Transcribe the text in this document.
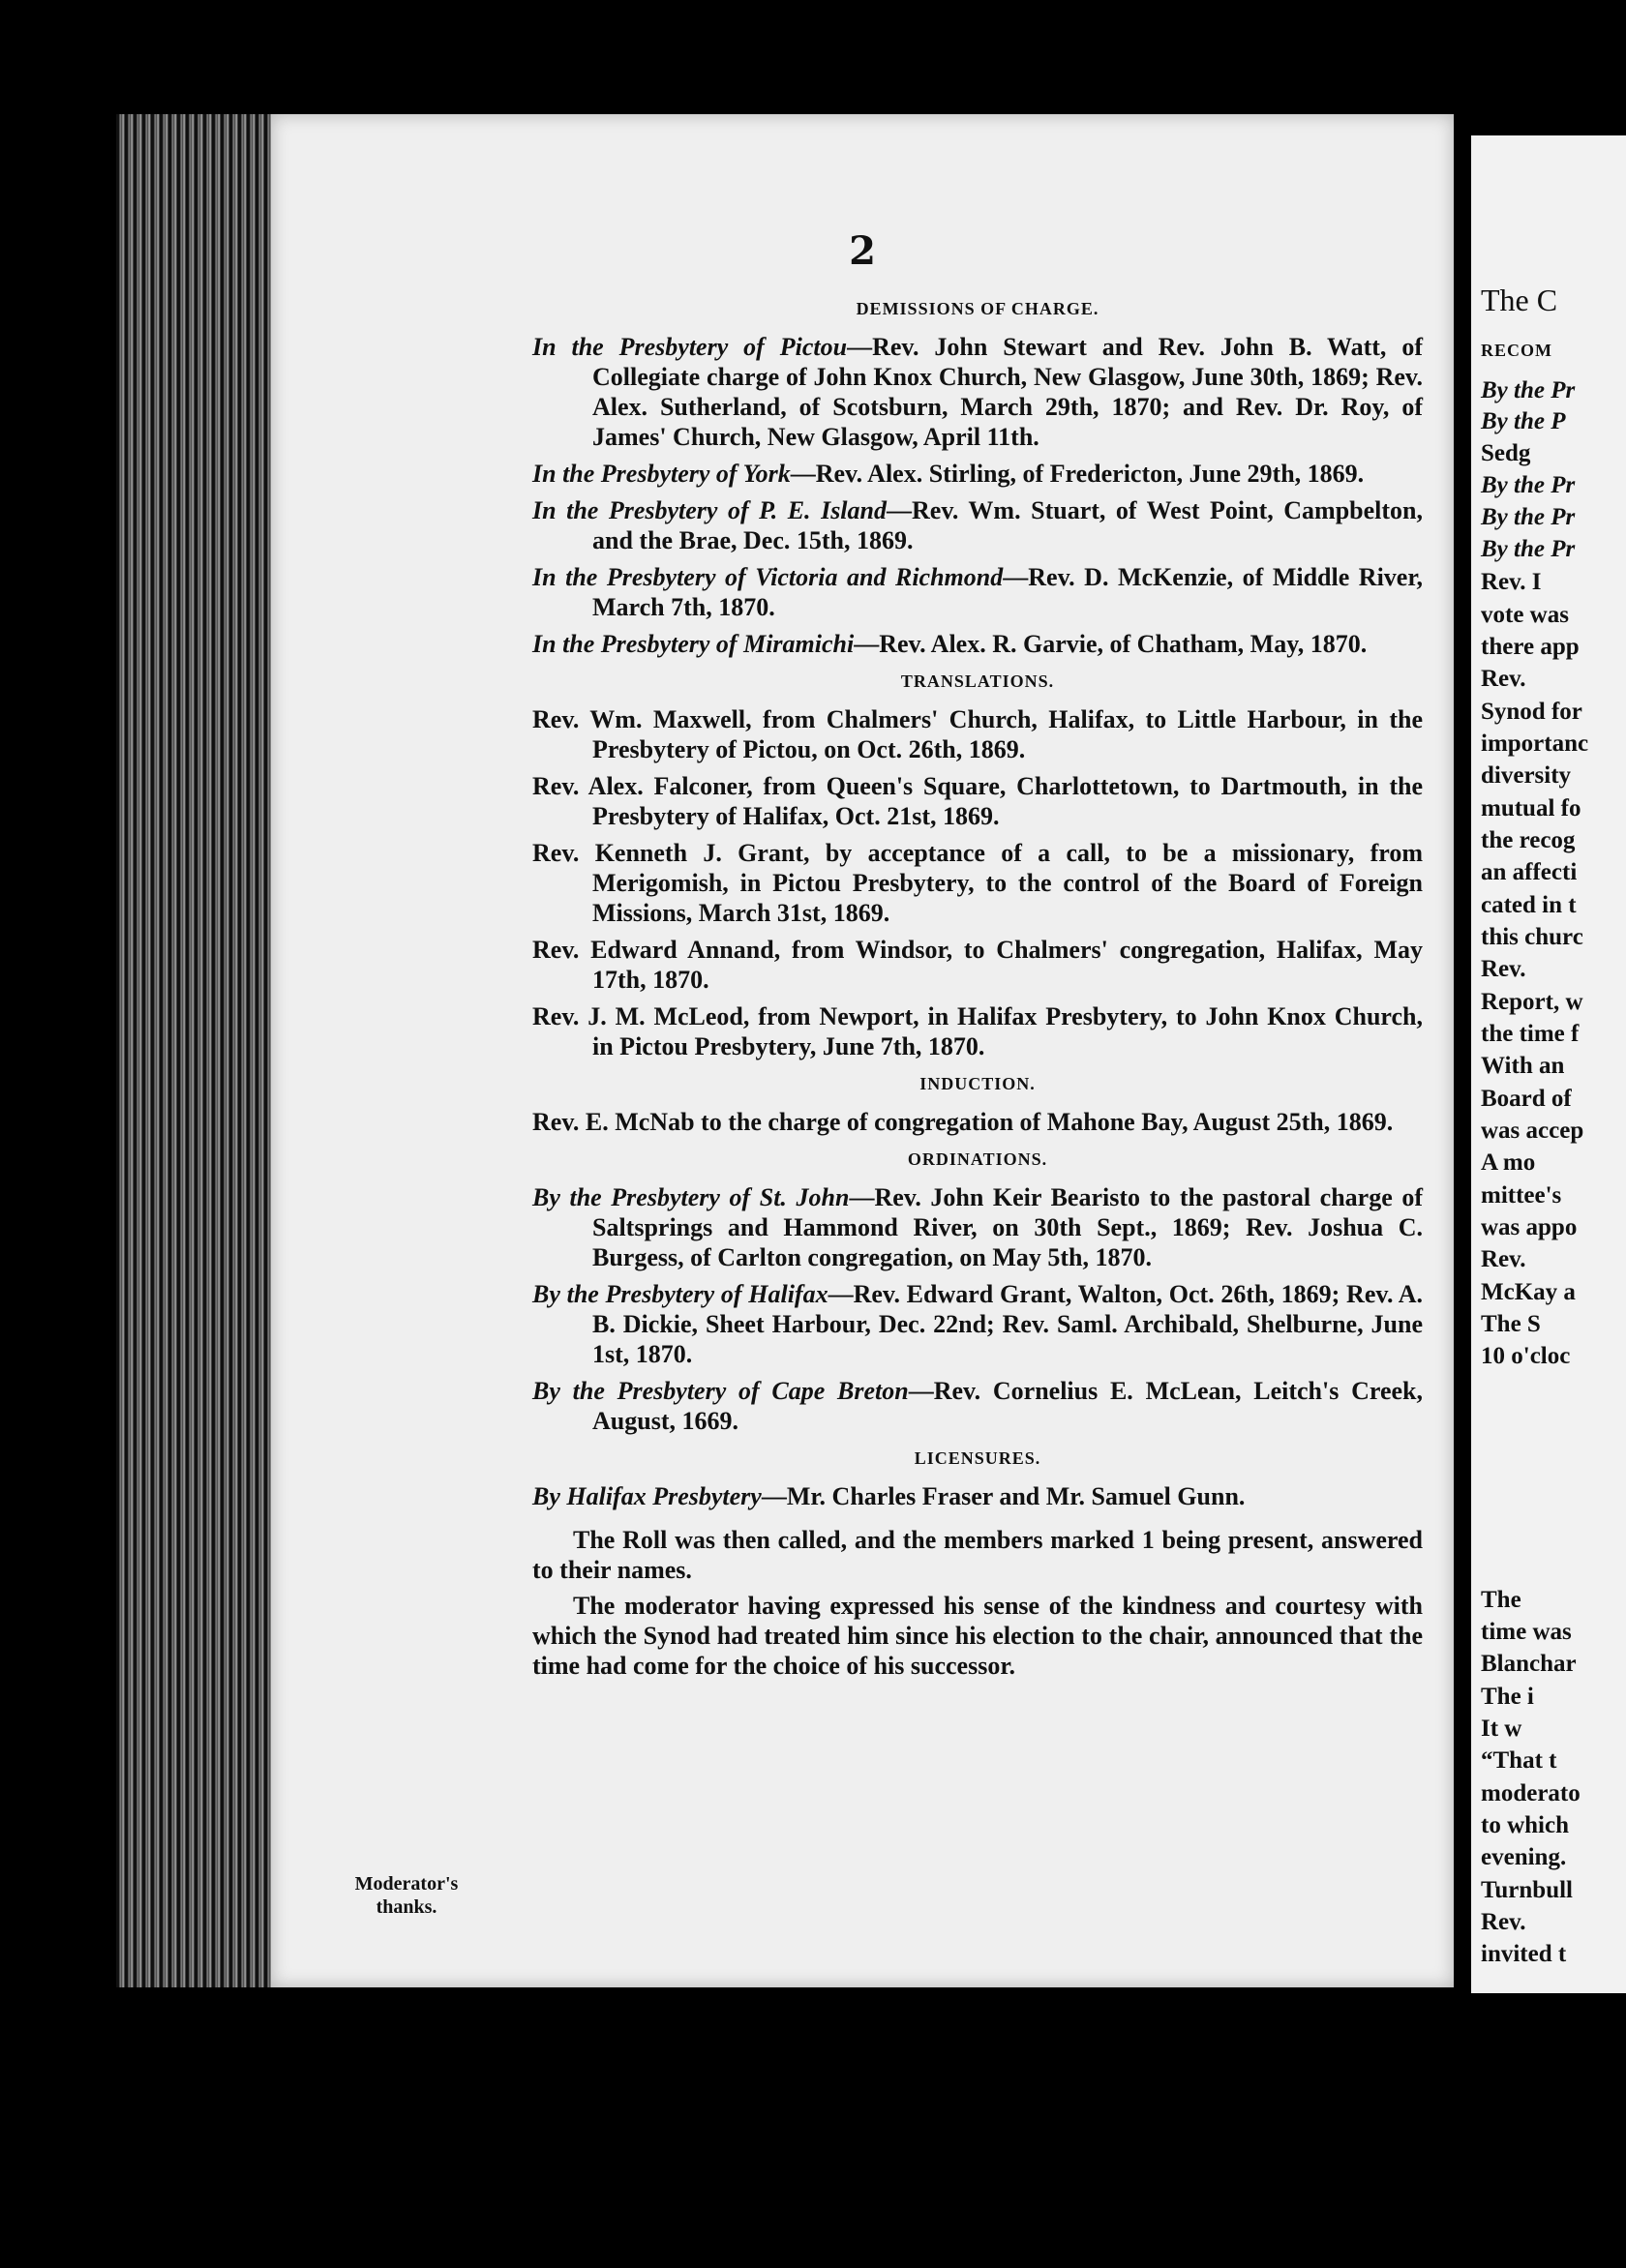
2
DEMISSIONS OF CHARGE.
In the Presbytery of Pictou—Rev. John Stewart and Rev. John B. Watt, of Collegiate charge of John Knox Church, New Glasgow, June 30th, 1869; Rev. Alex. Sutherland, of Scotsburn, March 29th, 1870; and Rev. Dr. Roy, of James' Church, New Glasgow, April 11th.
In the Presbytery of York—Rev. Alex. Stirling, of Fredericton, June 29th, 1869.
In the Presbytery of P. E. Island—Rev. Wm. Stuart, of West Point, Campbelton, and the Brae, Dec. 15th, 1869.
In the Presbytery of Victoria and Richmond—Rev. D. McKenzie, of Middle River, March 7th, 1870.
In the Presbytery of Miramichi—Rev. Alex. R. Garvie, of Chatham, May, 1870.
TRANSLATIONS.
Rev. Wm. Maxwell, from Chalmers' Church, Halifax, to Little Harbour, in the Presbytery of Pictou, on Oct. 26th, 1869.
Rev. Alex. Falconer, from Queen's Square, Charlottetown, to Dartmouth, in the Presbytery of Halifax, Oct. 21st, 1869.
Rev. Kenneth J. Grant, by acceptance of a call, to be a missionary, from Merigomish, in Pictou Presbytery, to the control of the Board of Foreign Missions, March 31st, 1869.
Rev. Edward Annand, from Windsor, to Chalmers' congregation, Halifax, May 17th, 1870.
Rev. J. M. McLeod, from Newport, in Halifax Presbytery, to John Knox Church, in Pictou Presbytery, June 7th, 1870.
INDUCTION.
Rev. E. McNab to the charge of congregation of Mahone Bay, August 25th, 1869.
ORDINATIONS.
By the Presbytery of St. John—Rev. John Keir Bearisto to the pastoral charge of Saltsprings and Hammond River, on 30th Sept., 1869; Rev. Joshua C. Burgess, of Carlton congregation, on May 5th, 1870.
By the Presbytery of Halifax—Rev. Edward Grant, Walton, Oct. 26th, 1869; Rev. A. B. Dickie, Sheet Harbour, Dec. 22nd; Rev. Saml. Archibald, Shelburne, June 1st, 1870.
By the Presbytery of Cape Breton—Rev. Cornelius E. McLean, Leitch's Creek, August, 1669.
LICENSURES.
By Halifax Presbytery—Mr. Charles Fraser and Mr. Samuel Gunn.
The Roll was then called, and the members marked 1 being present, answered to their names.
The moderator having expressed his sense of the kindness and courtesy with which the Synod had treated him since his election to the chair, announced that the time had come for the choice of his successor.
Moderator's thanks.
The C
RECOM
By the Pr
By the P
Sedg
By the Pr
By the Pr
By the Pr
Rev. I
vote was
there app
Rev.
Synod for
importanc
diversity
mutual fo
the recog
an affecti
cated in t
this churc
Rev.
Report, w
the time f
With an
Board of
was accep
A mo
mittee's
was appo
Rev.
McKay a
The S
10 o'cloc
The
time was
Blanchar
The i
It w
“That t
moderato
to which
evening.
Turnbull
Rev.
invited t
